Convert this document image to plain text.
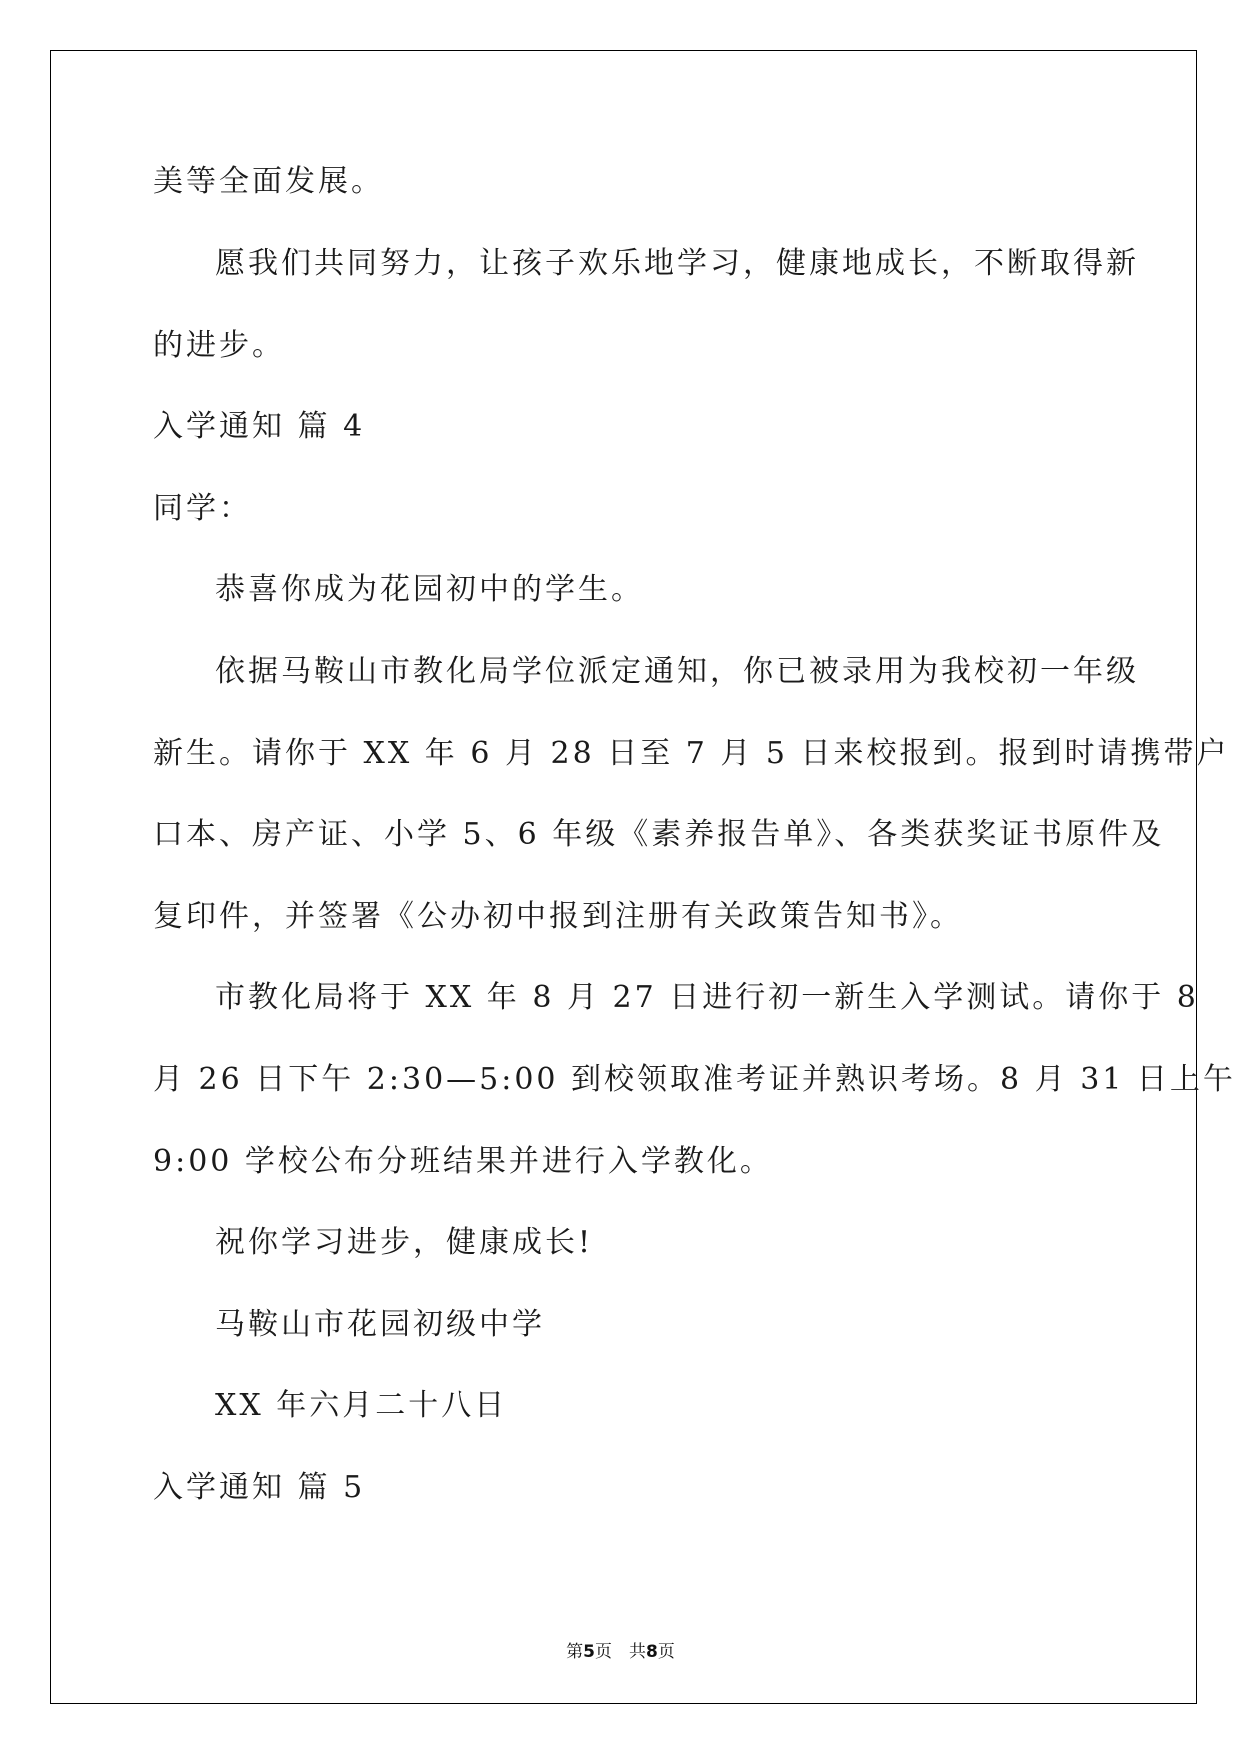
美等全面发展。
愿我们共同努力，让孩子欢乐地学习，健康地成长，不断取得新
的进步。
入学通知 篇 4
同学：
恭喜你成为花园初中的学生。
依据马鞍山市教化局学位派定通知，你已被录用为我校初一年级
新生。请你于 XX 年 6 月 28 日至 7 月 5 日来校报到。报到时请携带户
口本、房产证、小学 5、6 年级《素养报告单》、各类获奖证书原件及
复印件，并签署《公办初中报到注册有关政策告知书》。
市教化局将于 XX 年 8 月 27 日进行初一新生入学测试。请你于 8
月 26 日下午 2:30—5:00 到校领取准考证并熟识考场。8 月 31 日上午
9:00 学校公布分班结果并进行入学教化。
祝你学习进步，健康成长!
马鞍山市花园初级中学
XX 年六月二十八日
入学通知 篇 5
第5页　共8页
